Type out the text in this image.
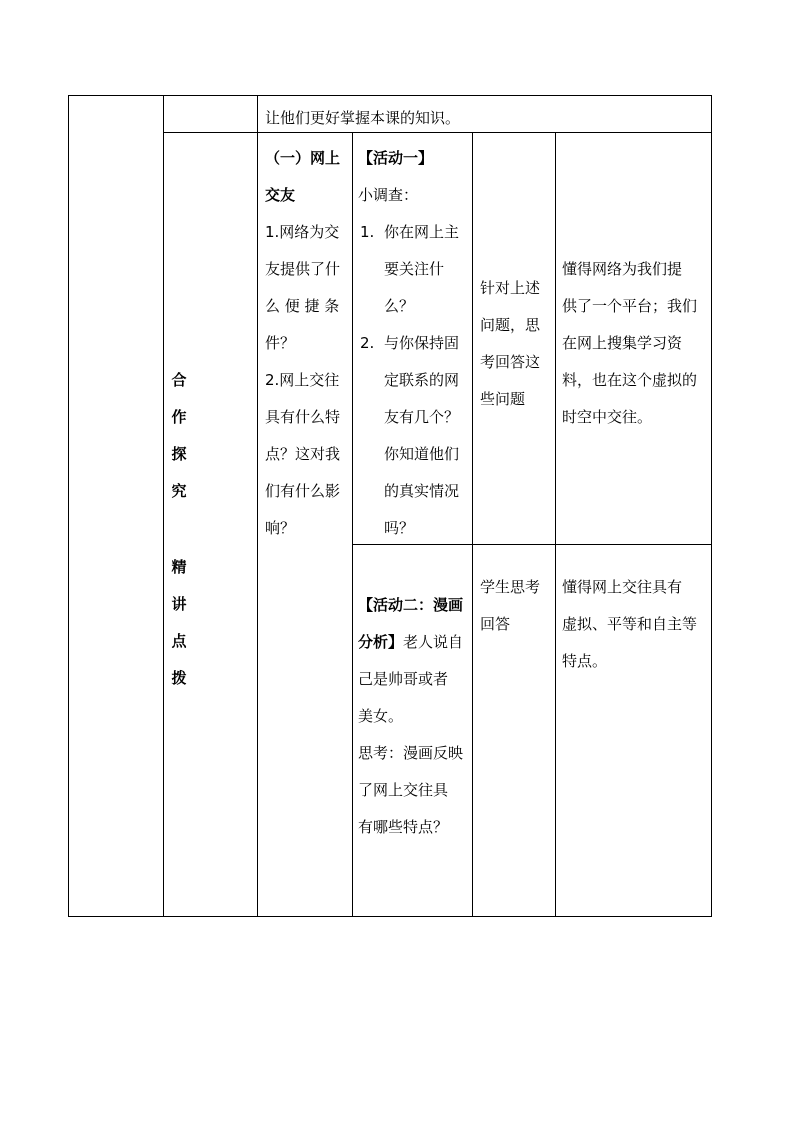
让他们更好掌握本课的知识。
合
作
探
究
精
讲
点
拨
（一）网上
交友
1.网络为交
友提供了什
么 便 捷 条
件？
2.网上交往
具有什么特
点？这对我
们有什么影
响？
【活动一】
小调查：
1. 你在网上主
要关注什
么？
2. 与你保持固
定联系的网
友有几个？
你知道他们
的真实情况
吗？
针对上述
问题，思
考回答这
些问题
懂得网络为我们提
供了一个平台；我们
在网上搜集学习资
料，也在这个虚拟的
时空中交往。
【活动二：漫画
分析】老人说自
己是帅哥或者
美女。
思考：漫画反映
了网上交往具
有哪些特点？
学生思考
回答
懂得网上交往具有
虚拟、平等和自主等
特点。
